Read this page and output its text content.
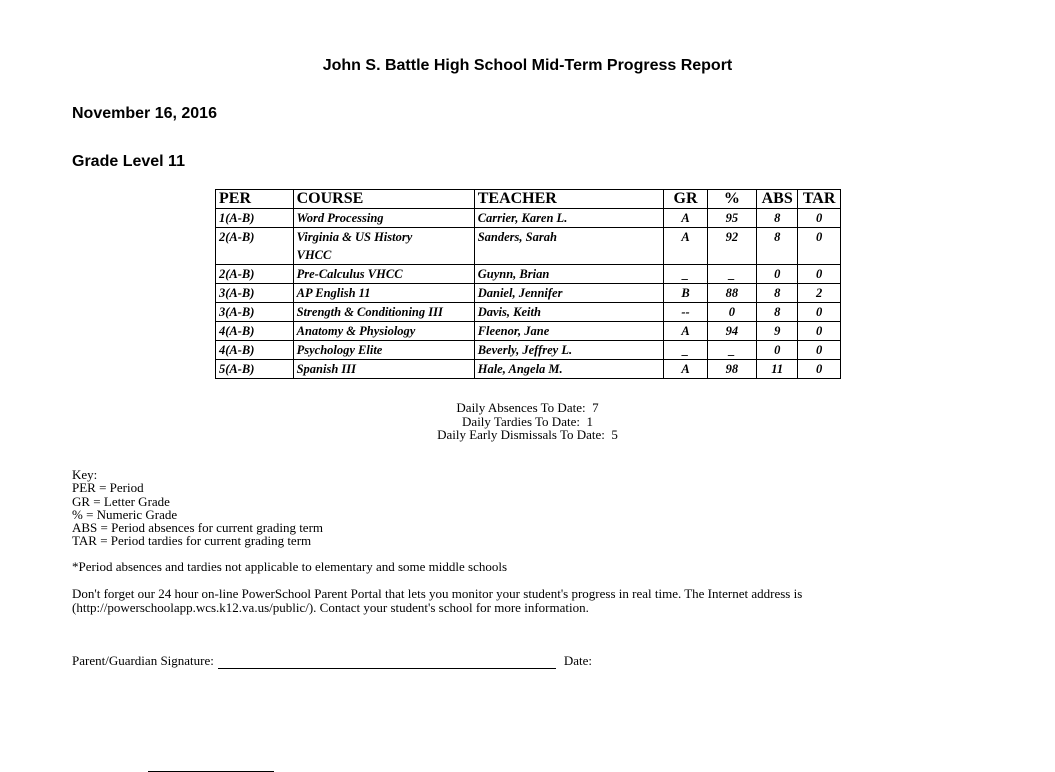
John S. Battle High School Mid-Term Progress Report
November 16, 2016
Grade Level 11
PER	COURSE	TEACHER	GR	%	ABS	TAR
1(A-B)	Word Processing	Carrier, Karen L.	A	95	8	0
2(A-B)	Virginia & US History
VHCC	Sanders, Sarah	A	92	8	0
2(A-B)	Pre-Calculus VHCC	Guynn, Brian	_	_	0	0
3(A-B)	AP English 11	Daniel, Jennifer	B	88	8	2
3(A-B)	Strength & Conditioning III	Davis, Keith	--	0	8	0
4(A-B)	Anatomy & Physiology	Fleenor, Jane	A	94	9	0
4(A-B)	Psychology Elite	Beverly, Jeffrey L.	_	_	0	0
5(A-B)	Spanish III	Hale, Angela M.	A	98	11	0
Daily Absences To Date:  7
Daily Tardies To Date:  1
Daily Early Dismissals To Date:  5
Key:
PER = Period
GR = Letter Grade
% = Numeric Grade
ABS = Period absences for current grading term
TAR = Period tardies for current grading term
*Period absences and tardies not applicable to elementary and some middle schools
Don't forget our 24 hour on-line PowerSchool Parent Portal that lets you monitor your student's progress in real time. The Internet address is (http://powerschoolapp.wcs.k12.va.us/public/). Contact your student's school for more information.
Parent/Guardian Signature:	Date:
